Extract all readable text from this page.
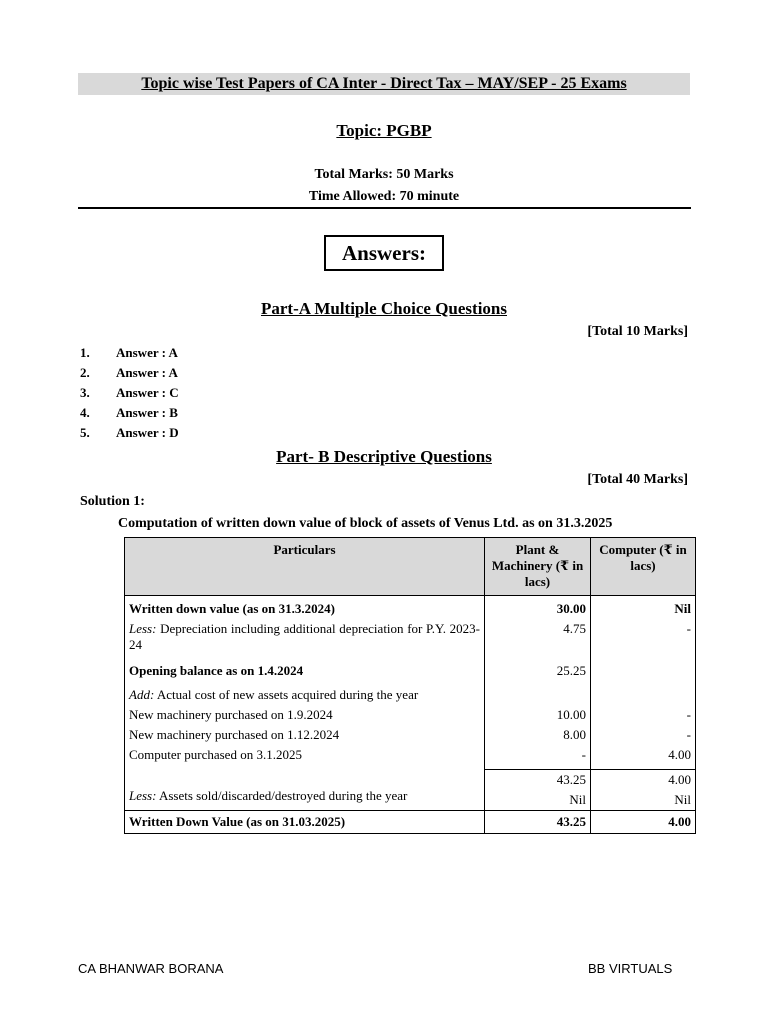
Topic wise Test Papers of CA Inter - Direct Tax – MAY/SEP - 25 Exams
Topic: PGBP
Total Marks: 50 Marks
Time Allowed: 70 minute
Answers:
Part-A Multiple Choice Questions
[Total 10 Marks]
1. Answer : A
2. Answer : A
3. Answer : C
4. Answer : B
5. Answer : D
Part- B Descriptive Questions
[Total 40 Marks]
Solution 1:
Computation of written down value of block of assets of Venus Ltd. as on 31.3.2025
Particulars	Plant & Machinery (₹ in lacs)	Computer (₹ in lacs)
Written down value (as on 31.3.2024)	30.00	Nil
Less: Depreciation including additional depreciation for P.Y. 2023-24	4.75	-
Opening balance as on 1.4.2024	25.25	
Add: Actual cost of new assets acquired during the year		
New machinery purchased on 1.9.2024	10.00	-
New machinery purchased on 1.12.2024	8.00	-
Computer purchased on 3.1.2025	-	4.00
	43.25	4.00

Less: Assets sold/discarded/destroyed during the year	Nil	Nil
Written Down Value (as on 31.03.2025)	43.25	4.00
CA BHANWAR BORANA	BB VIRTUALS
